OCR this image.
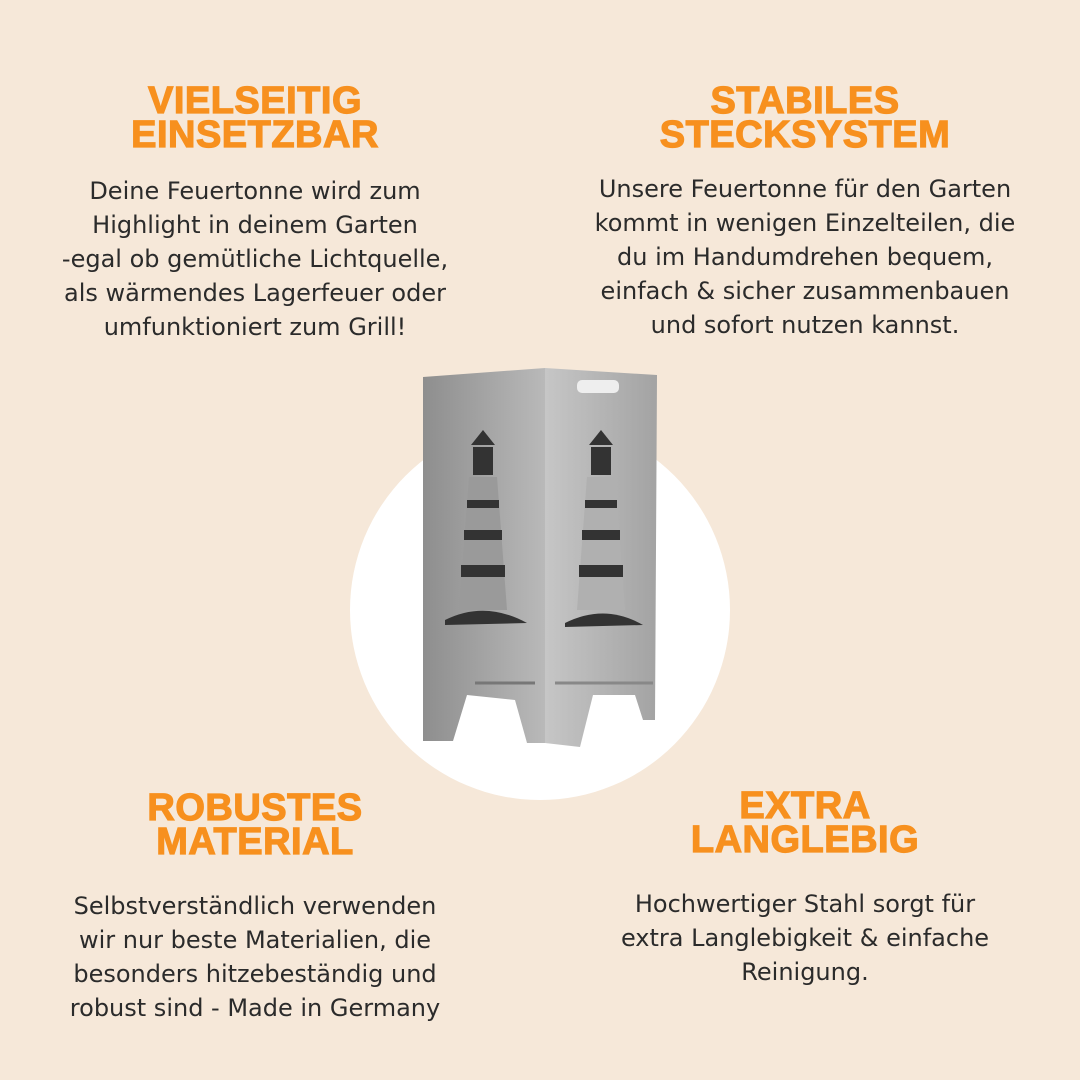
VIELSEITIG
EINSETZBAR
Deine Feuertonne wird zum
Highlight in deinem Garten
-egal ob gemütliche Lichtquelle,
als wärmendes Lagerfeuer oder
umfunktioniert zum Grill!
STABILES
STECKSYSTEM
Unsere Feuertonne für den Garten
kommt in wenigen Einzelteilen, die
du im Handumdrehen bequem,
einfach & sicher zusammenbauen
und sofort nutzen kannst.
ROBUSTES
MATERIAL
Selbstverständlich verwenden
wir nur beste Materialien, die
besonders hitzebeständig und
robust sind - Made in Germany
EXTRA
LANGLEBIG
Hochwertiger Stahl sorgt für
extra Langlebigkeit & einfache
Reinigung.
